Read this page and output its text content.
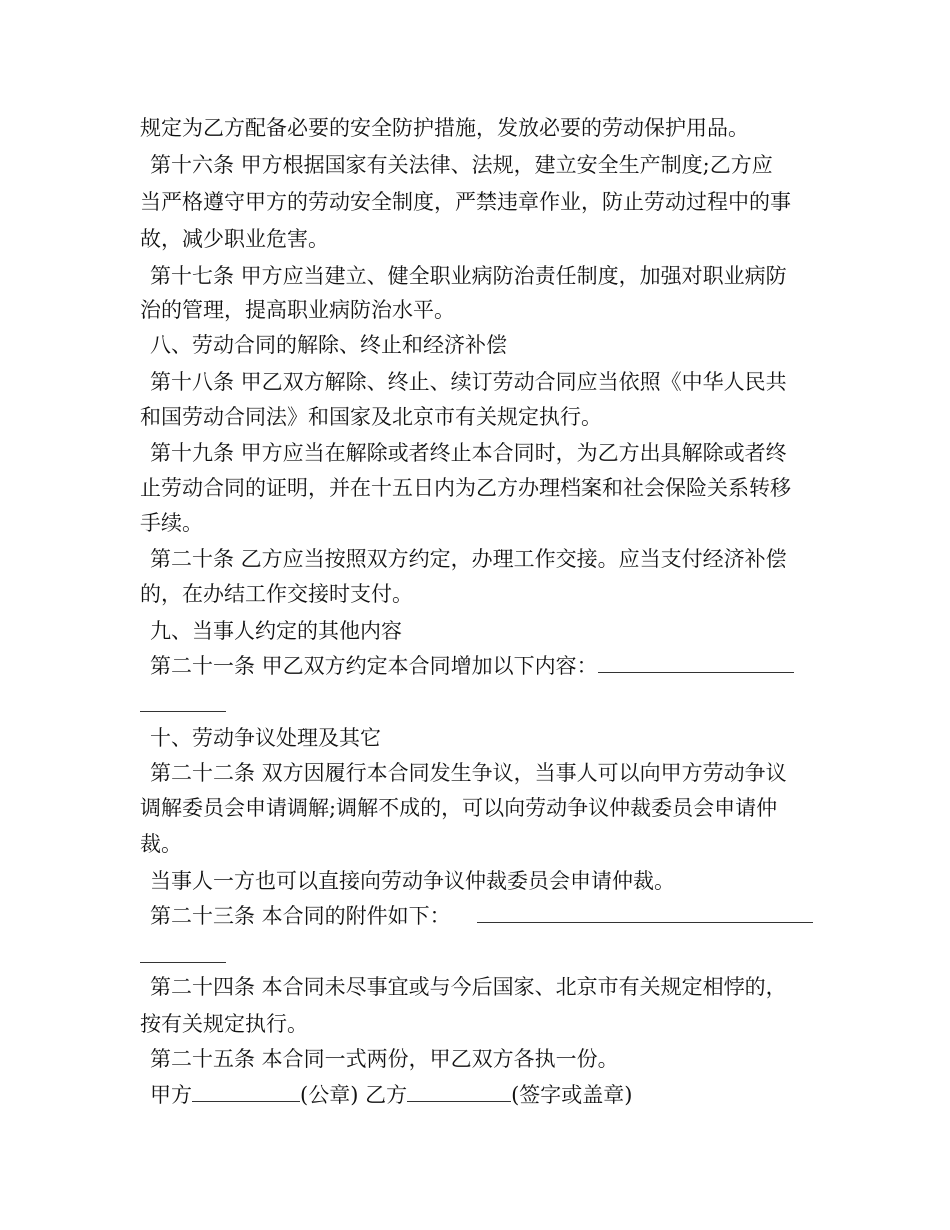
规定为乙方配备必要的安全防护措施，发放必要的劳动保护用品。
第十六条 甲方根据国家有关法律、法规，建立安全生产制度;乙方应
当严格遵守甲方的劳动安全制度，严禁违章作业，防止劳动过程中的事
故，减少职业危害。
第十七条 甲方应当建立、健全职业病防治责任制度，加强对职业病防
治的管理，提高职业病防治水平。
八、劳动合同的解除、终止和经济补偿
第十八条 甲乙双方解除、终止、续订劳动合同应当依照《中华人民共
和国劳动合同法》和国家及北京市有关规定执行。
第十九条 甲方应当在解除或者终止本合同时，为乙方出具解除或者终
止劳动合同的证明，并在十五日内为乙方办理档案和社会保险关系转移
手续。
第二十条 乙方应当按照双方约定，办理工作交接。应当支付经济补偿
的，在办结工作交接时支付。
九、当事人约定的其他内容
第二十一条 甲乙双方约定本合同增加以下内容：
十、劳动争议处理及其它
第二十二条 双方因履行本合同发生争议，当事人可以向甲方劳动争议
调解委员会申请调解;调解不成的，可以向劳动争议仲裁委员会申请仲
裁。
当事人一方也可以直接向劳动争议仲裁委员会申请仲裁。
第二十三条 本合同的附件如下：
第二十四条 本合同未尽事宜或与今后国家、北京市有关规定相悖的，
按有关规定执行。
第二十五条 本合同一式两份，甲乙双方各执一份。
甲方	(公章) 乙方	(签字或盖章)
